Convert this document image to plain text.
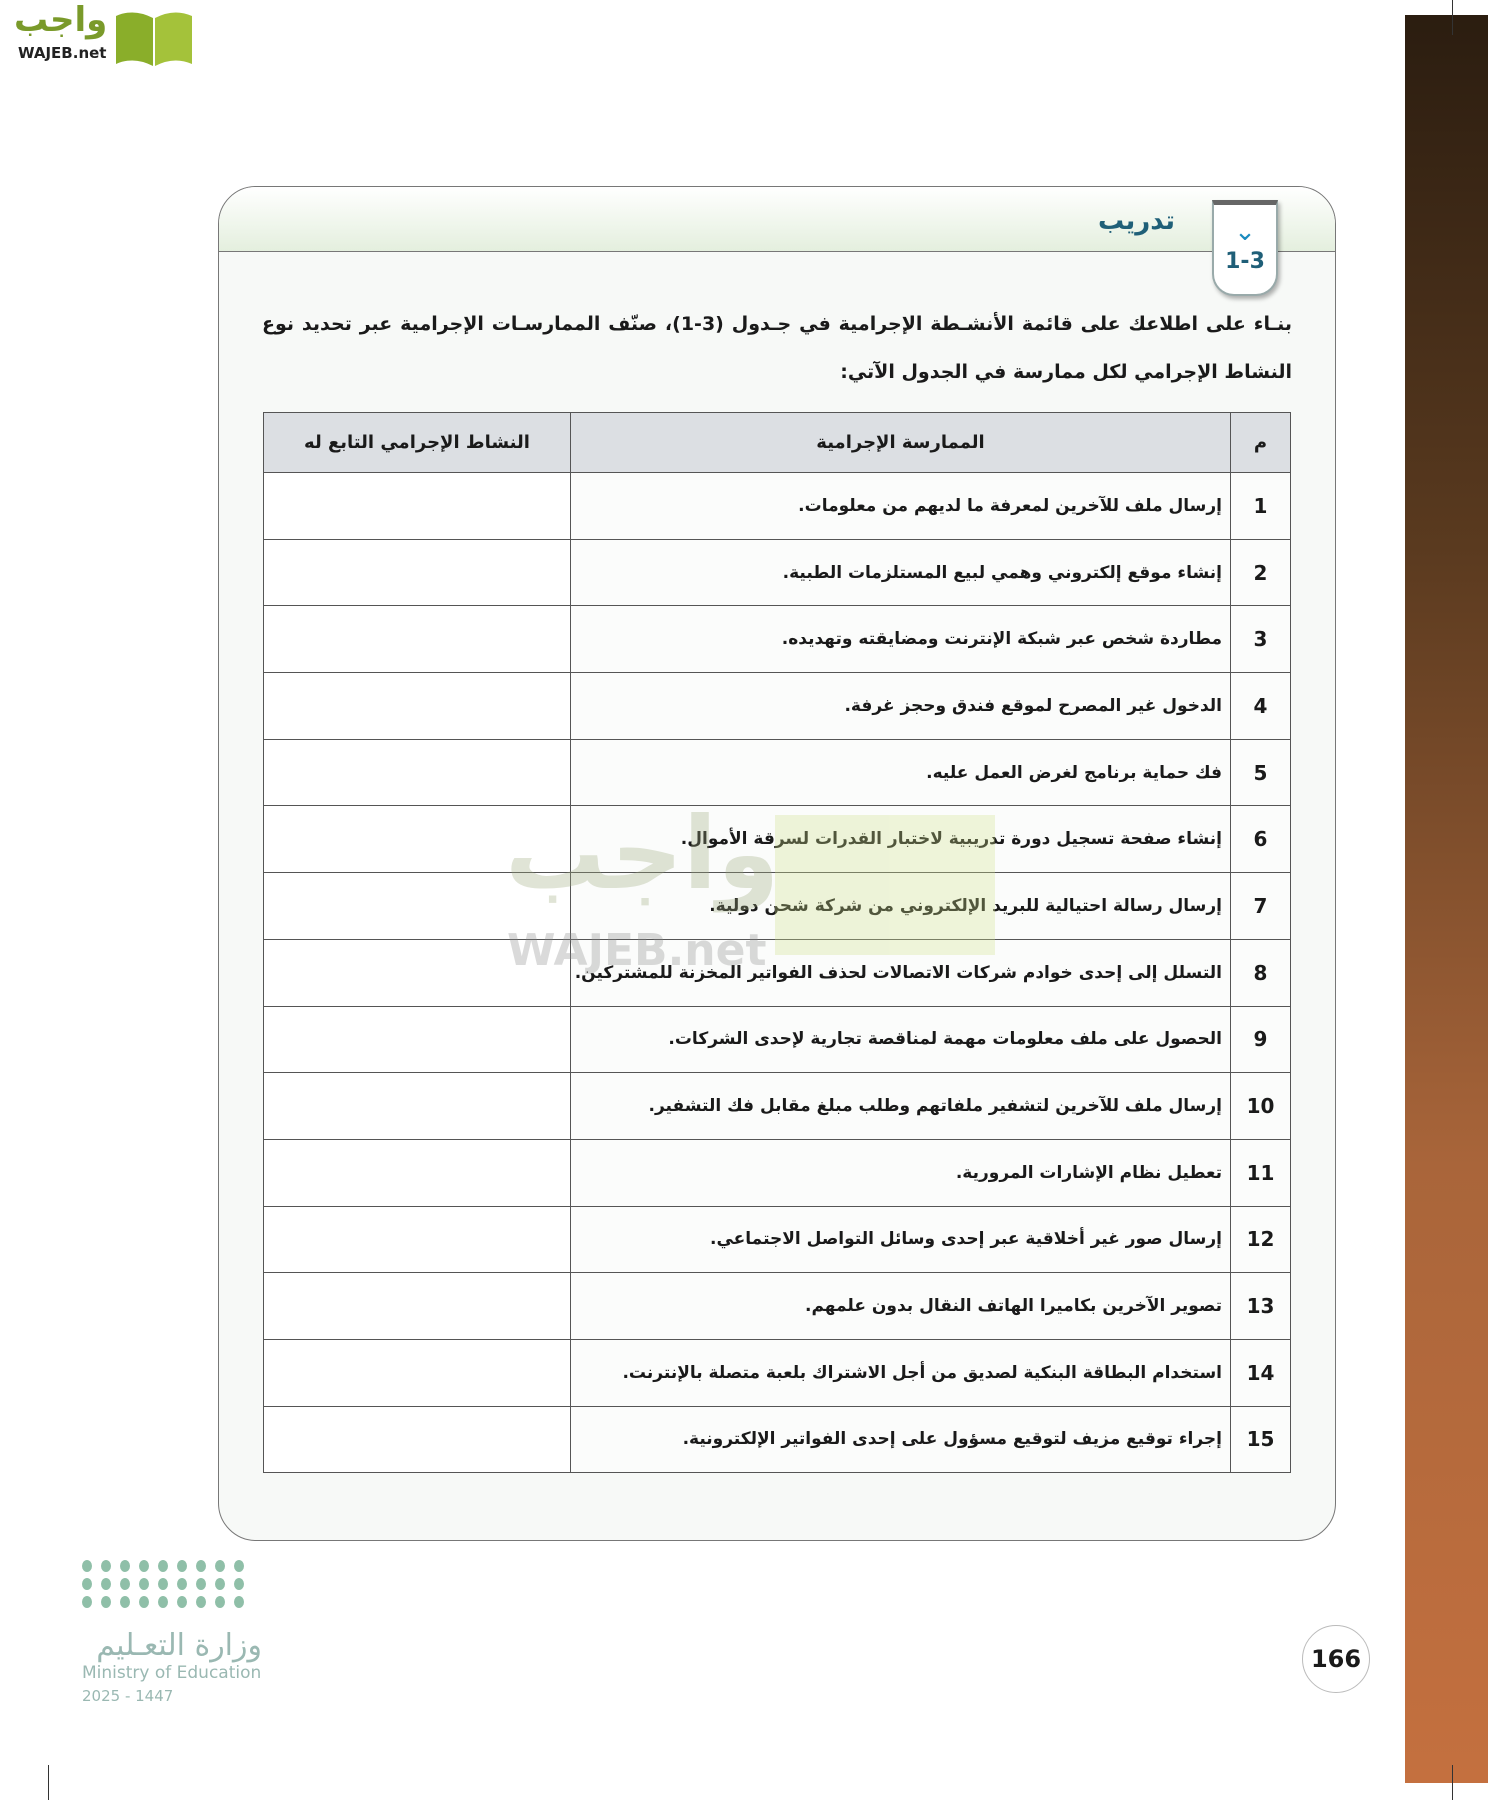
واجب
WAJEB.net
تدريب	⌄
1-3
بنـاء على اطلاعك على قائمة الأنشـطة الإجرامية في جـدول (3-1)، صنّف الممارسـات الإجرامية عبر تحديد نوع النشاط الإجرامي لكل ممارسة في الجدول الآتي:
م	الممارسة الإجرامية	النشاط الإجرامي التابع له
1	إرسال ملف للآخرين لمعرفة ما لديهم من معلومات.	
2	إنشاء موقع إلكتروني وهمي لبيع المستلزمات الطبية.	
3	مطاردة شخص عبر شبكة الإنترنت ومضايقته وتهديده.	
4	الدخول غير المصرح لموقع فندق وحجز غرفة.	
5	فك حماية برنامج لغرض العمل عليه.	
6	إنشاء صفحة تسجيل دورة تدريبية لاختبار القدرات لسرقة الأموال.	
7	إرسال رسالة احتيالية للبريد الإلكتروني من شركة شحن دولية.	
8	التسلل إلى إحدى خوادم شركات الاتصالات لحذف الفواتير المخزنة للمشتركين.	
9	الحصول على ملف معلومات مهمة لمناقصة تجارية لإحدى الشركات.	
10	إرسال ملف للآخرين لتشفير ملفاتهم وطلب مبلغ مقابل فك التشفير.	
11	تعطيل نظام الإشارات المرورية.	
12	إرسال صور غير أخلاقية عبر إحدى وسائل التواصل الاجتماعي.	
13	تصوير الآخرين بكاميرا الهاتف النقال بدون علمهم.	
14	استخدام البطاقة البنكية لصديق من أجل الاشتراك بلعبة متصلة بالإنترنت.	
15	إجراء توقيع مزيف لتوقيع مسؤول على إحدى الفواتير الإلكترونية.	
واجب
WAJEB.net
وزارة التعـليم
Ministry of Education
2025 - 1447
166
